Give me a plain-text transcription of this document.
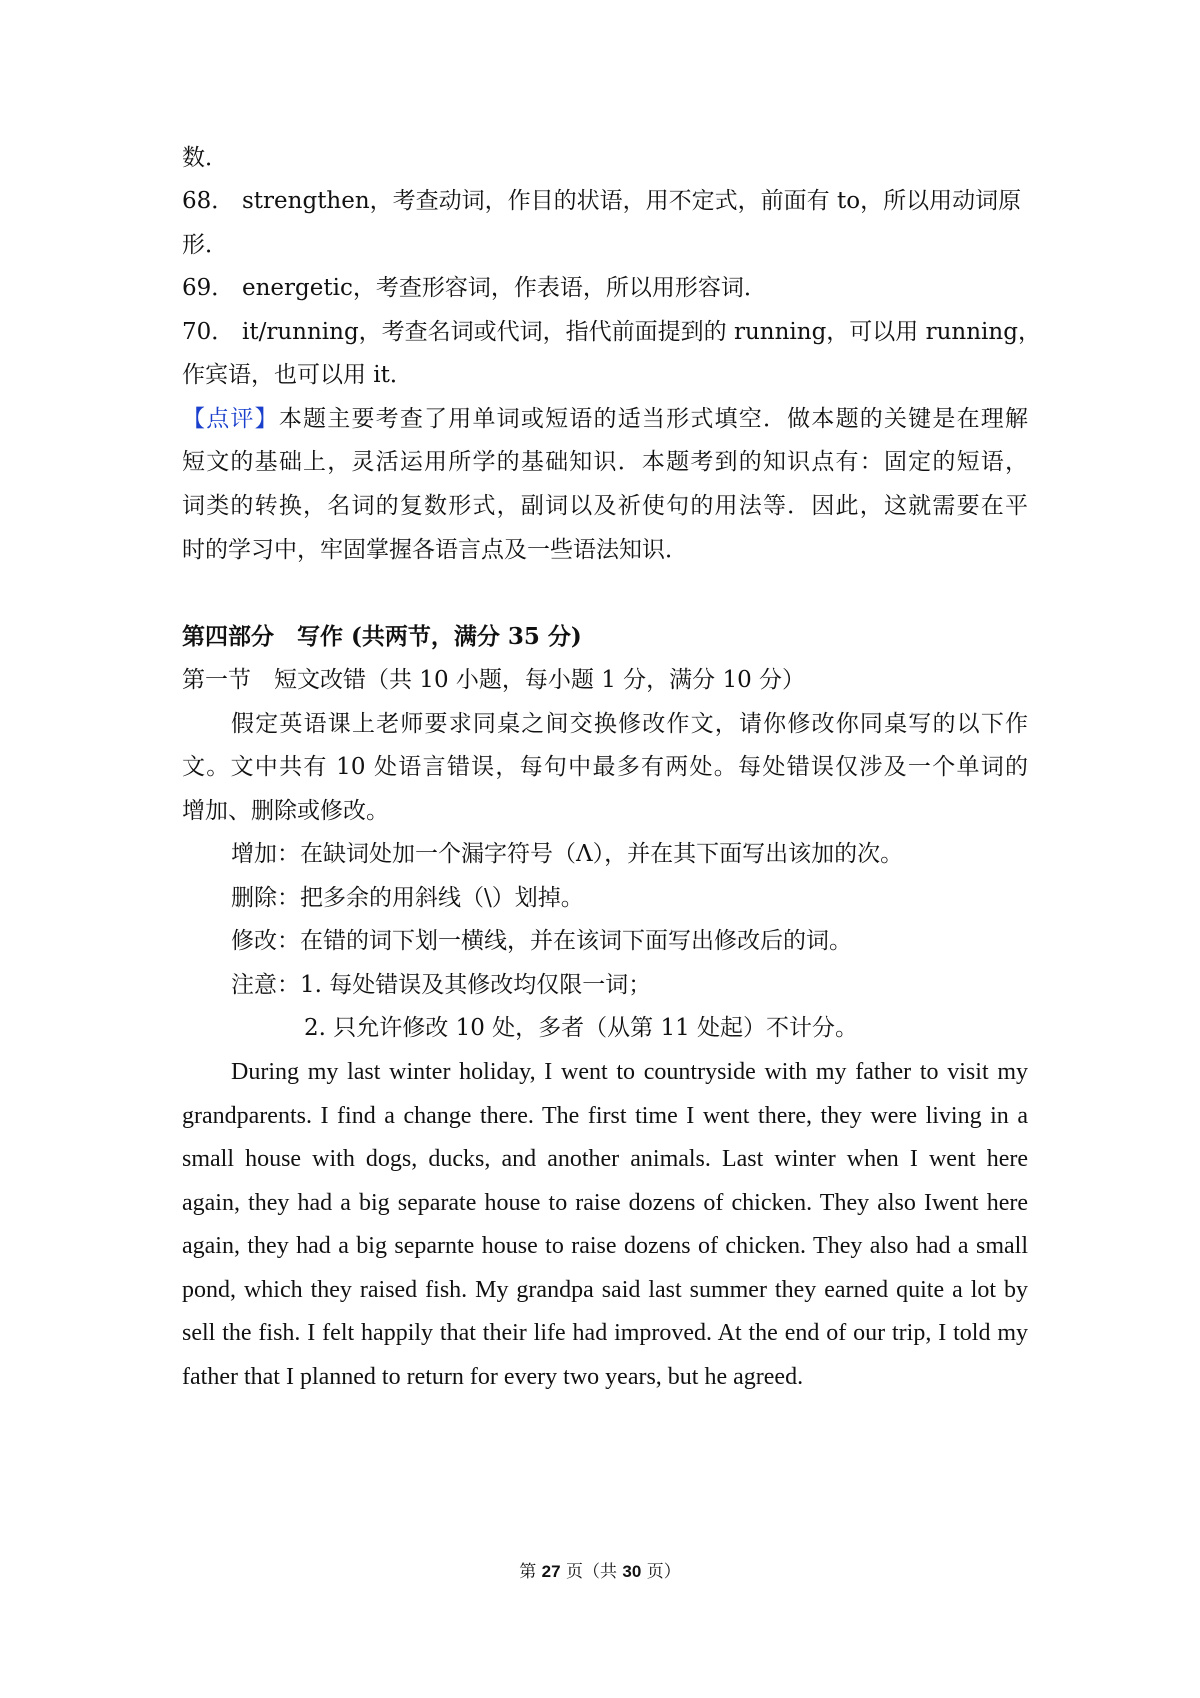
数．
68． strengthen，考查动词，作目的状语，用不定式，前面有 to，所以用动词原
形．
69． energetic，考查形容词，作表语，所以用形容词．
70． it/running，考查名词或代词，指代前面提到的 running，可以用 running，
作宾语，也可以用 it．
【点评】本题主要考查了用单词或短语的适当形式填空．做本题的关键是在理解
短文的基础上，灵活运用所学的基础知识．本题考到的知识点有：固定的短语，
词类的转换，名词的复数形式，副词以及祈使句的用法等．因此，这就需要在平
时的学习中，牢固掌握各语言点及一些语法知识．
第四部分　写作 (共两节，满分 35 分)
第一节　短文改错（共 10 小题，每小题 1 分，满分 10 分）
假定英语课上老师要求同桌之间交换修改作文，请你修改你同桌写的以下作
文。文中共有 10 处语言错误，每句中最多有两处。每处错误仅涉及一个单词的
增加、删除或修改。
增加：在缺词处加一个漏字符号（Λ），并在其下面写出该加的次。
删除：把多余的用斜线（\）划掉。
修改：在错的词下划一横线，并在该词下面写出修改后的词。
注意：1. 每处错误及其修改均仅限一词；
2. 只允许修改 10 处，多者（从第 11 处起）不计分。
During my last winter holiday, I went to countryside with my father to visit my
grandparents. I find a change there. The first time I went there, they were living in a
small house with dogs, ducks, and another animals. Last winter when I went here
again, they had a big separate house to raise dozens of chicken. They also Iwent here
again, they had a big separnte house to raise dozens of chicken. They also had a small
pond, which they raised fish. My grandpa said last summer they earned quite a lot by
sell the fish. I felt happily that their life had improved. At the end of our trip, I told my
father that I planned to return for every two years, but he agreed.
第 27 页（共 30 页）
